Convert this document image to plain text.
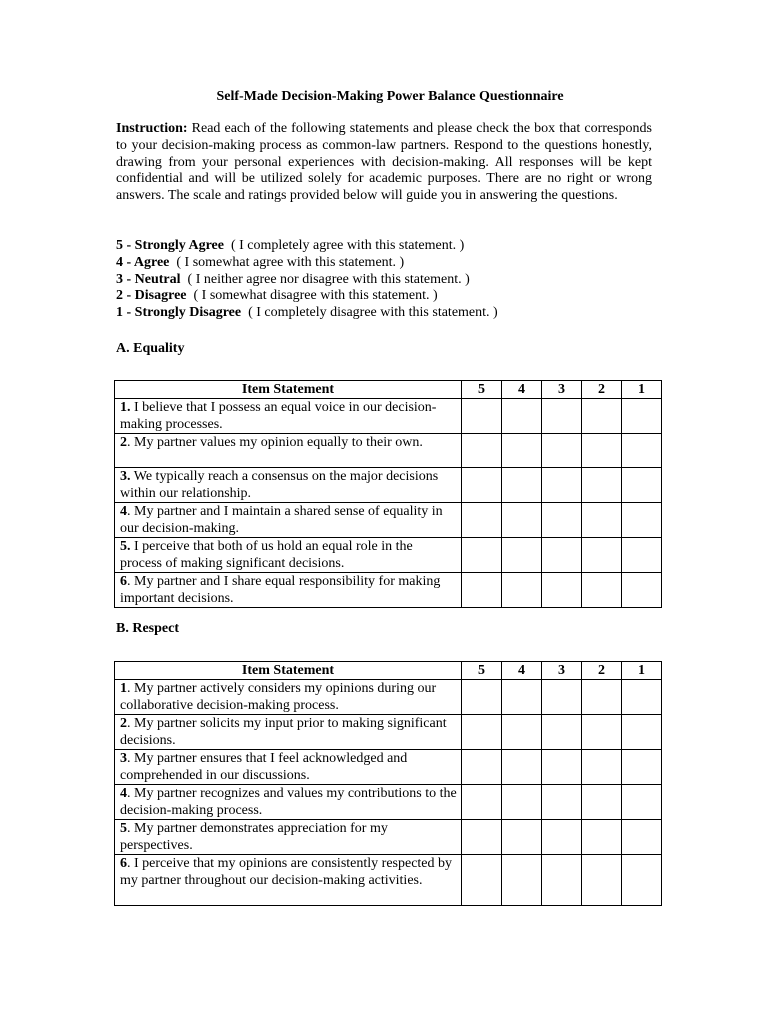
Self-Made Decision-Making Power Balance Questionnaire
Instruction: Read each of the following statements and please check the box that corresponds to your decision-making process as common-law partners. Respond to the questions honestly, drawing from your personal experiences with decision-making. All responses will be kept confidential and will be utilized solely for academic purposes. There are no right or wrong answers. The scale and ratings provided below will guide you in answering the questions.
5 - Strongly Agree ( I completely agree with this statement. )
4 - Agree ( I somewhat agree with this statement. )
3 - Neutral ( I neither agree nor disagree with this statement. )
2 - Disagree ( I somewhat disagree with this statement. )
1 - Strongly Disagree ( I completely disagree with this statement. )
A. Equality
Item Statement	5	4	3	2	1
1. I believe that I possess an equal voice in our decision-making processes.					
2. My partner values my opinion equally to their own.					
3. We typically reach a consensus on the major decisions within our relationship.					
4. My partner and I maintain a shared sense of equality in our decision-making.					
5. I perceive that both of us hold an equal role in the process of making significant decisions.					
6. My partner and I share equal responsibility for making important decisions.					
B. Respect
Item Statement	5	4	3	2	1
1. My partner actively considers my opinions during our collaborative decision-making process.					
2. My partner solicits my input prior to making significant decisions.					
3. My partner ensures that I feel acknowledged and comprehended in our discussions.					
4. My partner recognizes and values my contributions to the decision-making process.					
5. My partner demonstrates appreciation for my perspectives.					
6. I perceive that my opinions are consistently respected by my partner throughout our decision-making activities.					
